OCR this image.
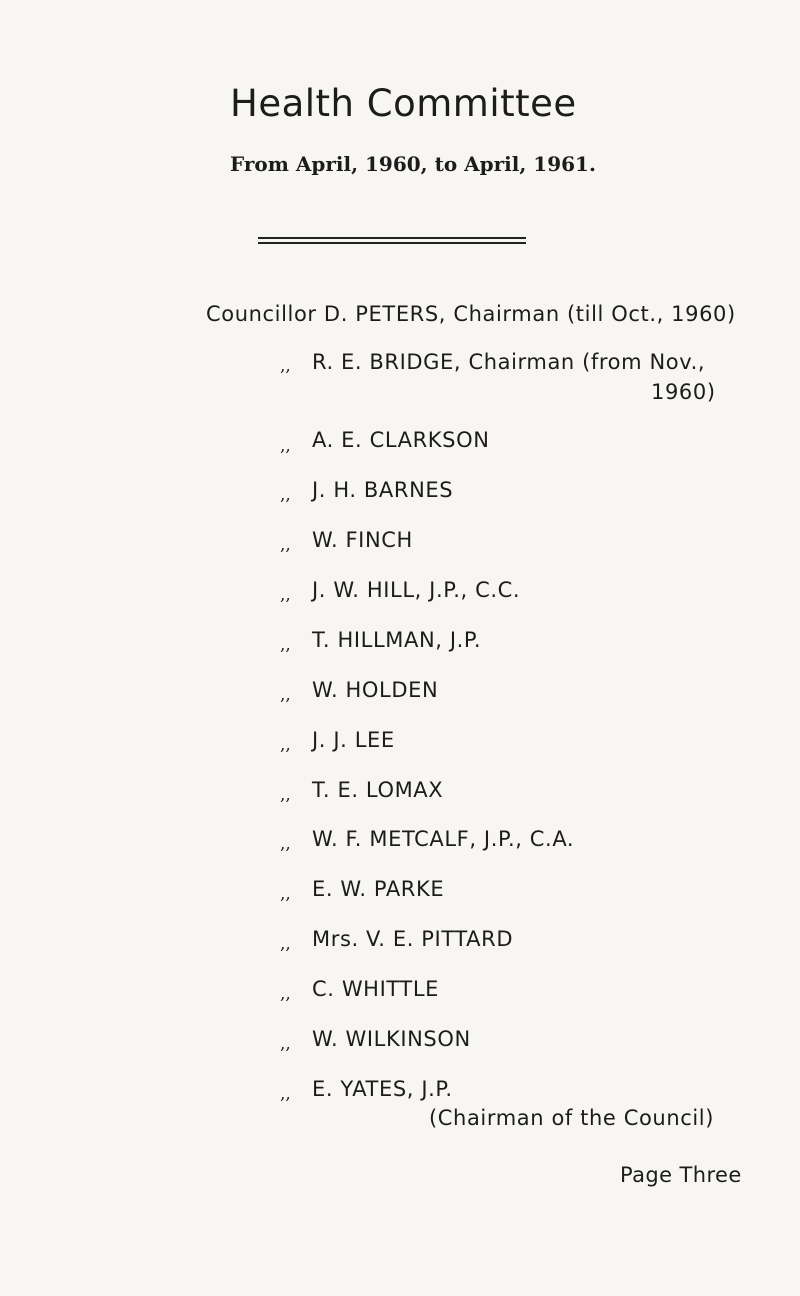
Health Committee
From April, 1960, to April, 1961.
Councillor D. PETERS, Chairman (till Oct., 1960)
,, R. E. BRIDGE, Chairman (from Nov.,
1960)
,, A. E. CLARKSON
,, J. H. BARNES
,, W. FINCH
,, J. W. HILL, J.P., C.C.
,, T. HILLMAN, J.P.
,, W. HOLDEN
,, J. J. LEE
,, T. E. LOMAX
,, W. F. METCALF, J.P., C.A.
,, E. W. PARKE
,, Mrs. V. E. PITTARD
,, C. WHITTLE
,, W. WILKINSON
,, E. YATES, J.P.
(Chairman of the Council)
Page Three
